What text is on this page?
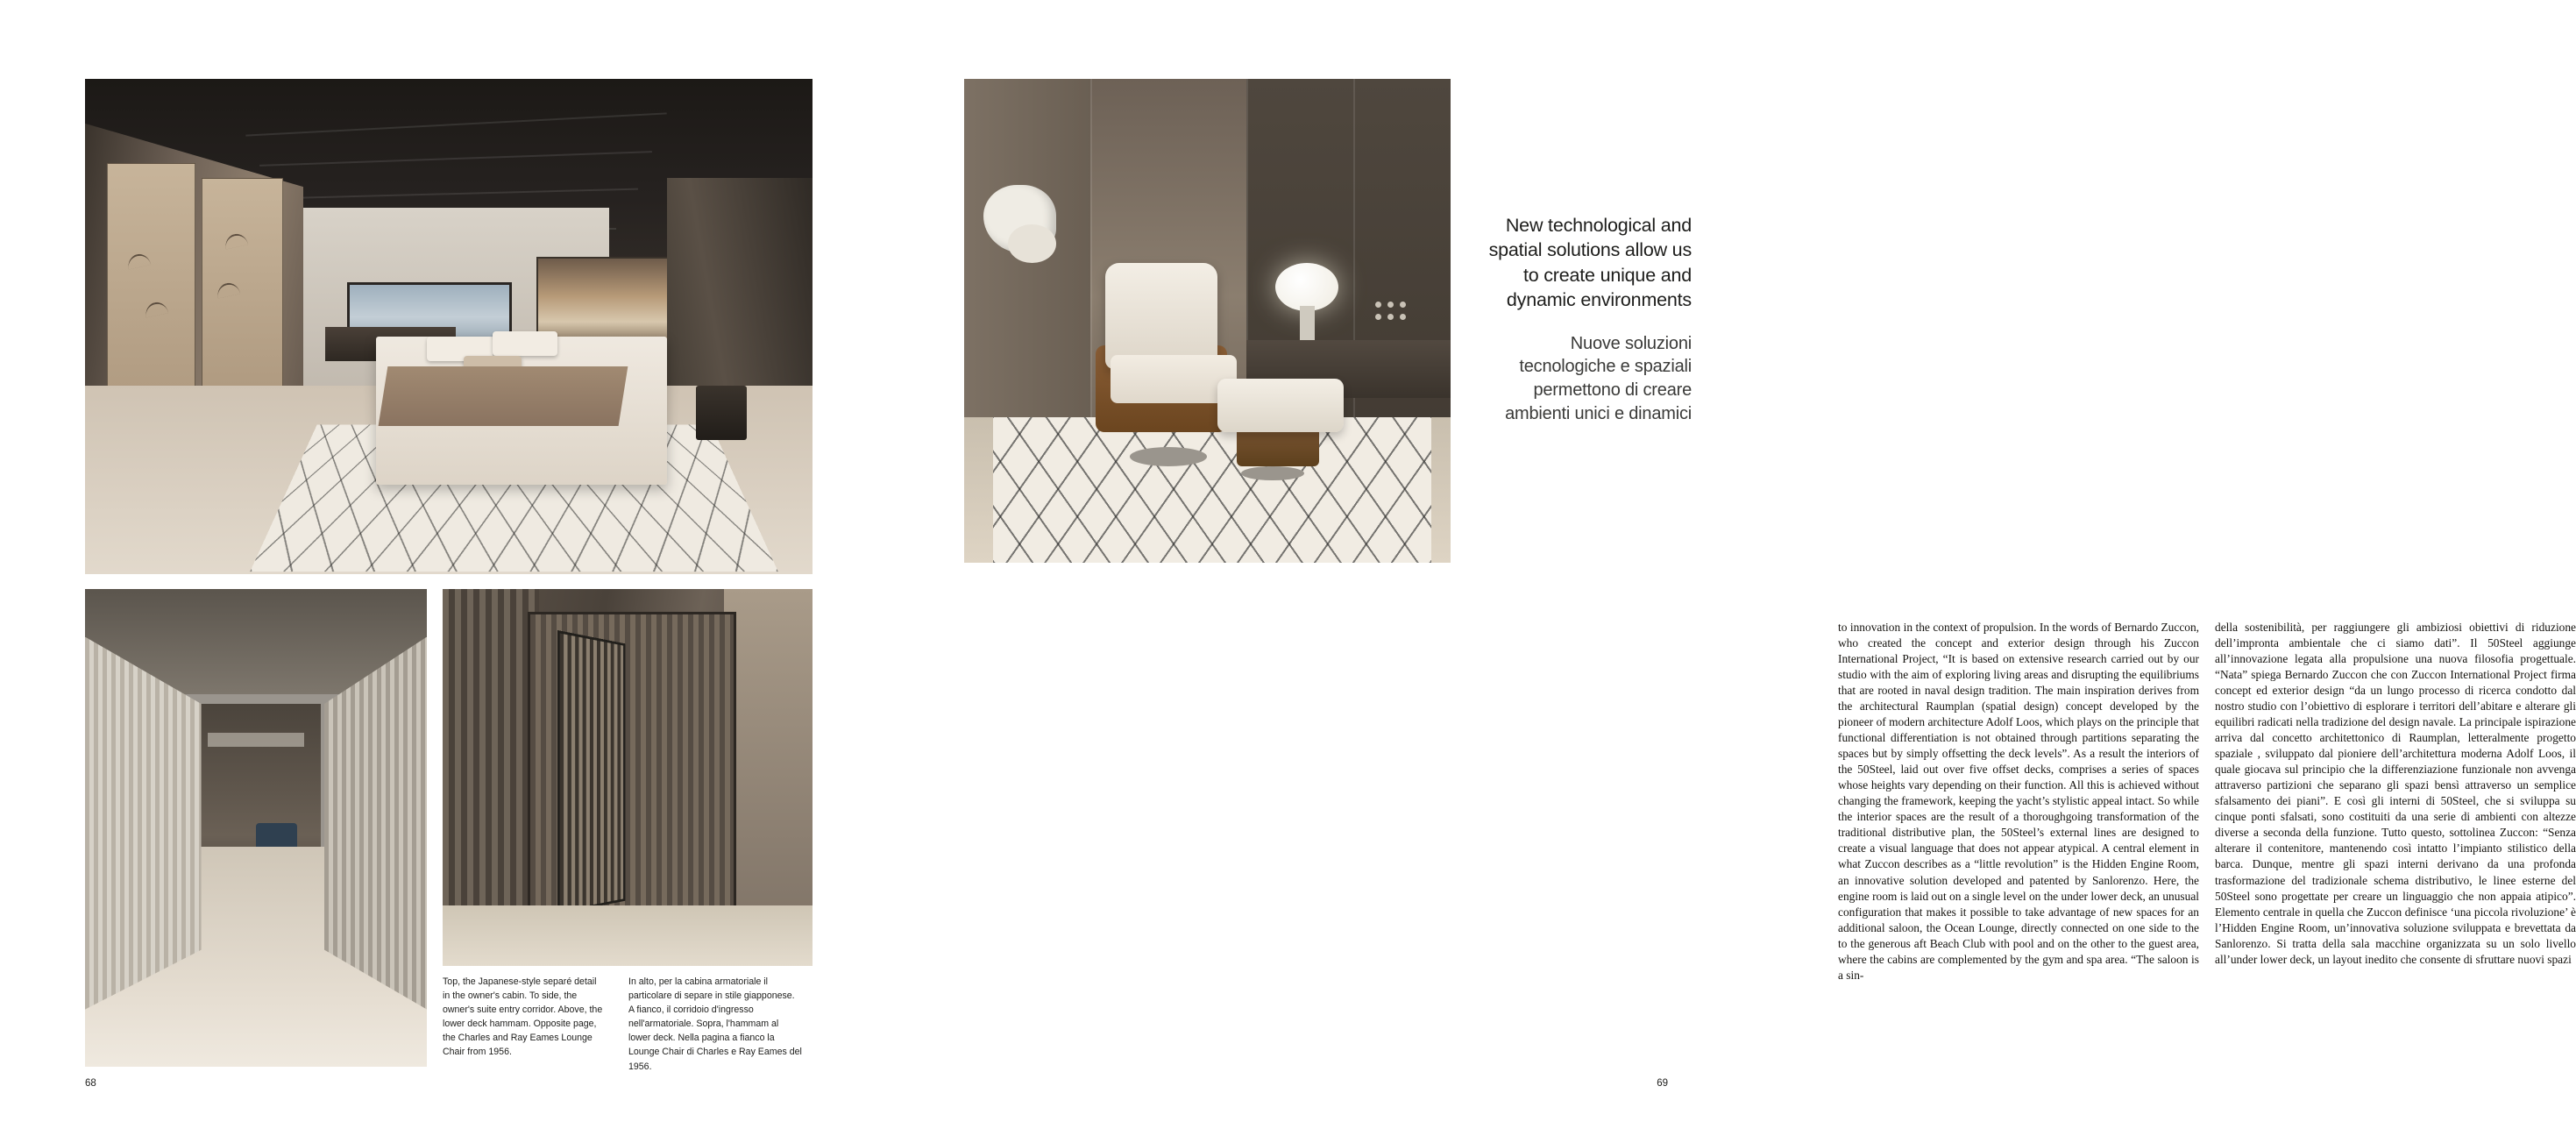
Top, the Japanese-style separé detail in the owner's cabin. To side, the owner's suite entry corridor. Above, the lower deck hammam. Opposite page, the Charles and Ray Eames Lounge Chair from 1956.
In alto, per la cabina armatoriale il particolare di separe in stile giapponese. A fianco, il corridoio d'ingresso nell'armatoriale. Sopra, l'hammam al lower deck. Nella pagina a fianco la Lounge Chair di Charles e Ray Eames del 1956.
68
New technological and spatial solutions allow us to create unique and dynamic environments
Nuove soluzioni tecnologiche e spaziali permettono di creare ambienti unici e dinamici

to innovation in the context of propulsion. In the words of Bernardo Zuccon, who created the concept and exterior design through his Zuccon International Project, “It is based on extensive research carried out by our studio with the aim of exploring living areas and disrupting the equilibriums that are rooted in naval design tradition. The main inspiration derives from the architectural Raumplan (spatial design) concept developed by the pioneer of modern architecture Adolf Loos, which plays on the principle that functional differentiation is not obtained through partitions separating the spaces but by simply offsetting the deck levels”. As a result the interiors of the 50Steel, laid out over five offset decks, comprises a series of spaces whose heights vary depending on their function. All this is achieved without changing the framework, keeping the yacht’s stylistic appeal intact. So while the interior spaces are the result of a thoroughgoing transformation of the traditional distributive plan, the 50Steel’s external lines are designed to create a visual language that does not appear atypical. A central element in what Zuccon describes as a “little revolution” is the Hidden Engine Room, an innovative solution developed and patented by Sanlorenzo. Here, the engine room is laid out on a single level on the under lower deck, an unusual configuration that makes it possible to take advantage of new spaces for an additional saloon, the Ocean Lounge, directly connected on one side to the to the generous aft Beach Club with pool and on the other to the guest area, where the cabins are complemented by the gym and spa area. “The saloon is a sin-

della sostenibilità, per raggiungere gli ambiziosi obiettivi di riduzione dell’impronta ambientale che ci siamo dati”. Il 50Steel aggiunge all’innovazione legata alla propulsione una nuova filosofia progettuale. “Nata” spiega Bernardo Zuccon che con Zuccon International Project firma concept ed exterior design “da un lungo processo di ricerca condotto dal nostro studio con l’obiettivo di esplorare i territori dell’abitare e alterare gli equilibri radicati nella tradizione del design navale. La principale ispirazione arriva dal concetto architettonico di Raumplan, letteralmente progetto spaziale , sviluppato dal pioniere dell’architettura moderna Adolf Loos, il quale giocava sul principio che la differenziazione funzionale non avvenga attraverso partizioni che separano gli spazi bensì attraverso un semplice sfalsamento dei piani”. E così gli interni di 50Steel, che si sviluppa su cinque ponti sfalsati, sono costituiti da una serie di ambienti con altezze diverse a seconda della funzione. Tutto questo, sottolinea Zuccon: “Senza alterare il contenitore, mantenendo così intatto l’impianto stilistico della barca. Dunque, mentre gli spazi interni derivano da una profonda trasformazione del tradizionale schema distributivo, le linee esterne del 50Steel sono progettate per creare un linguaggio che non appaia atipico”. Elemento centrale in quella che Zuccon definisce ‘una piccola rivoluzione’ è l’Hidden Engine Room, un’innovativa soluzione sviluppata e brevettata da Sanlorenzo. Si tratta della sala macchine organizzata su un solo livello all’under lower deck, un layout inedito che consente di sfruttare nuovi spazi

69
